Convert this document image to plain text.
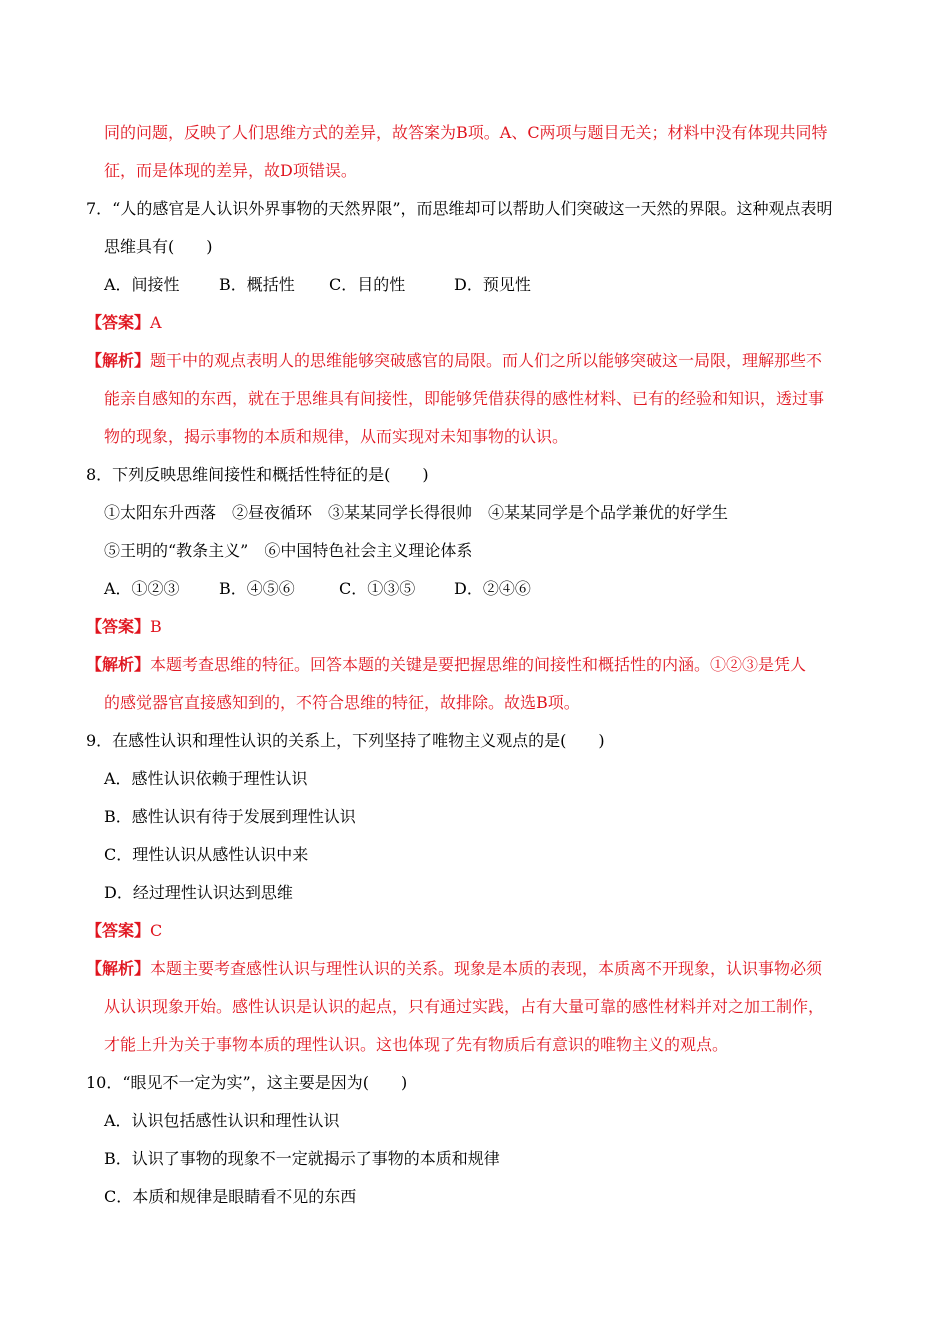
同的问题，反映了人们思维方式的差异，故答案为B项。A、C两项与题目无关；材料中没有体现共同特
征，而是体现的差异，故D项错误。
7．“人的感官是人认识外界事物的天然界限”，而思维却可以帮助人们突破这一天然的界限。这种观点表明
思维具有(　　)
A．间接性 B．概括性 C．目的性	D．预见性
【答案】A
【解析】题干中的观点表明人的思维能够突破感官的局限。而人们之所以能够突破这一局限，理解那些不
能亲自感知的东西，就在于思维具有间接性，即能够凭借获得的感性材料、已有的经验和知识，透过事
物的现象，揭示事物的本质和规律，从而实现对未知事物的认识。
8．下列反映思维间接性和概括性特征的是(　　)
①太阳东升西落　②昼夜循环　③某某同学长得很帅　④某某同学是个品学兼优的好学生
⑤王明的“教条主义”　⑥中国特色社会主义理论体系
A．①②③ B．④⑤⑥	C．①③⑤ D．②④⑥
【答案】B
【解析】本题考查思维的特征。回答本题的关键是要把握思维的间接性和概括性的内涵。①②③是凭人
的感觉器官直接感知到的，不符合思维的特征，故排除。故选B项。
9．在感性认识和理性认识的关系上，下列坚持了唯物主义观点的是(　　)
A．感性认识依赖于理性认识
B．感性认识有待于发展到理性认识
C．理性认识从感性认识中来
D．经过理性认识达到思维
【答案】C
【解析】本题主要考查感性认识与理性认识的关系。现象是本质的表现，本质离不开现象，认识事物必须
从认识现象开始。感性认识是认识的起点，只有通过实践，占有大量可靠的感性材料并对之加工制作，
才能上升为关于事物本质的理性认识。这也体现了先有物质后有意识的唯物主义的观点。
10．“眼见不一定为实”，这主要是因为(　　)
A．认识包括感性认识和理性认识
B．认识了事物的现象不一定就揭示了事物的本质和规律
C．本质和规律是眼睛看不见的东西
